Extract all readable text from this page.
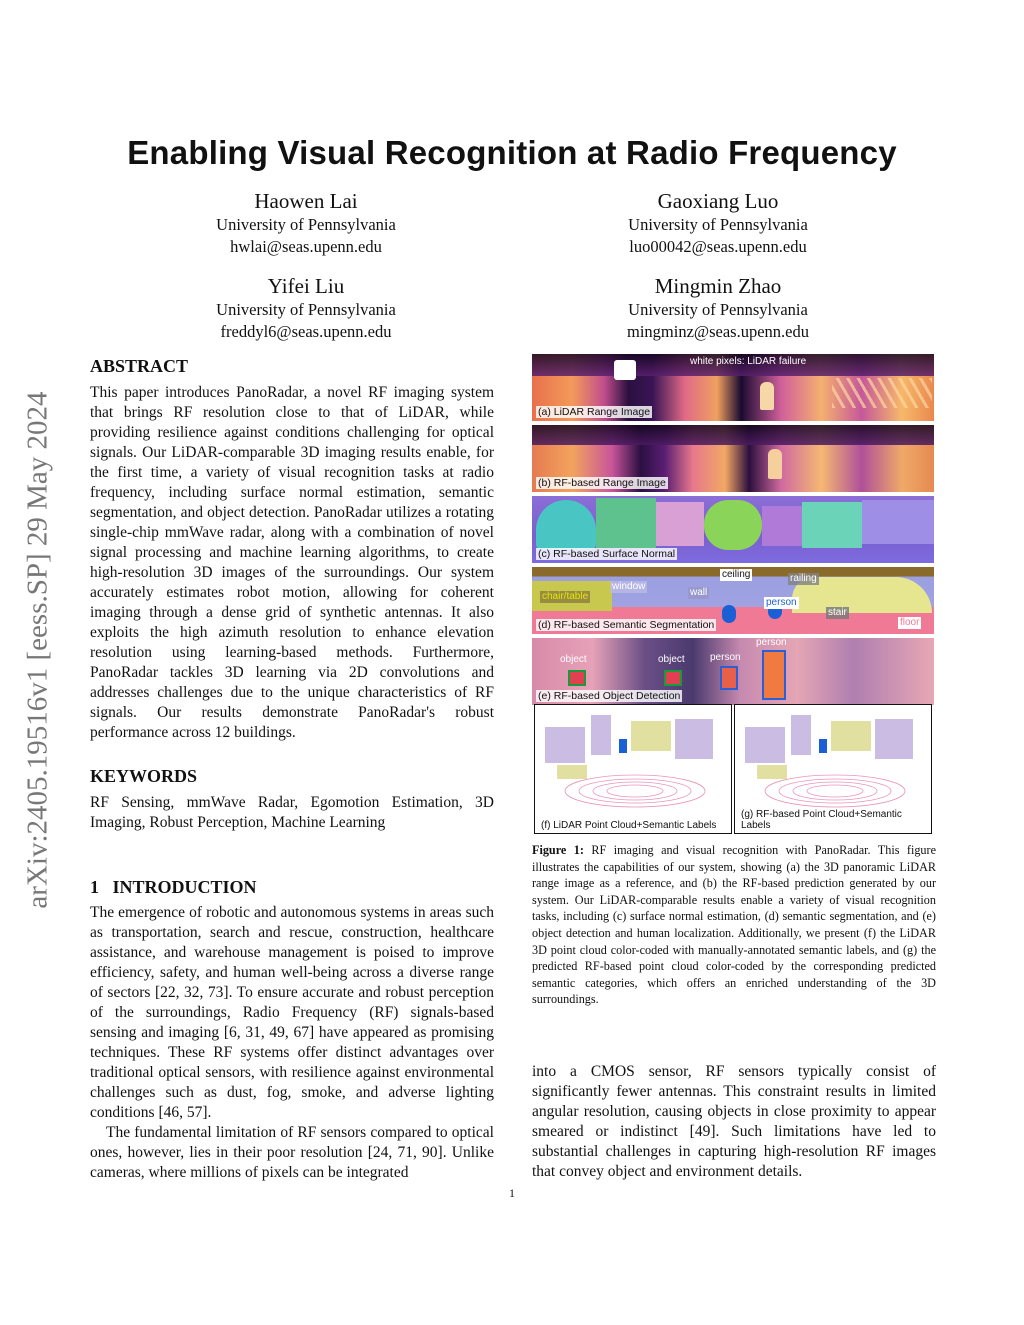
Enabling Visual Recognition at Radio Frequency
Haowen Lai
University of Pennsylvania
hwlai@seas.upenn.edu
Gaoxiang Luo
University of Pennsylvania
luo00042@seas.upenn.edu
Yifei Liu
University of Pennsylvania
freddyl6@seas.upenn.edu
Mingmin Zhao
University of Pennsylvania
mingminz@seas.upenn.edu
arXiv:2405.19516v1 [eess.SP] 29 May 2024
ABSTRACT
This paper introduces PanoRadar, a novel RF imaging system that brings RF resolution close to that of LiDAR, while providing resilience against conditions challenging for optical signals. Our LiDAR-comparable 3D imaging results enable, for the first time, a variety of visual recognition tasks at radio frequency, including surface normal estimation, semantic segmentation, and object detection. PanoRadar utilizes a rotating single-chip mmWave radar, along with a combination of novel signal processing and machine learning algorithms, to create high-resolution 3D images of the surroundings. Our system accurately estimates robot motion, allowing for coherent imaging through a dense grid of synthetic antennas. It also exploits the high azimuth resolution to enhance elevation resolution using learning-based methods. Furthermore, PanoRadar tackles 3D learning via 2D convolutions and addresses challenges due to the unique characteristics of RF signals. Our results demonstrate PanoRadar's robust performance across 12 buildings.
KEYWORDS
RF Sensing, mmWave Radar, Egomotion Estimation, 3D Imaging, Robust Perception, Machine Learning
1   INTRODUCTION
The emergence of robotic and autonomous systems in areas such as transportation, search and rescue, construction, healthcare assistance, and warehouse management is poised to improve efficiency, safety, and human well-being across a diverse range of sectors [22, 32, 73]. To ensure accurate and robust perception of the surroundings, Radio Frequency (RF) signals-based sensing and imaging [6, 31, 49, 67] have appeared as promising techniques. These RF systems offer distinct advantages over traditional optical sensors, with resilience against environmental challenges such as dust, fog, smoke, and adverse lighting conditions [46, 57].
The fundamental limitation of RF sensors compared to optical ones, however, lies in their poor resolution [24, 71, 90]. Unlike cameras, where millions of pixels can be integrated
into a CMOS sensor, RF sensors typically consist of significantly fewer antennas. This constraint results in limited angular resolution, causing objects in close proximity to appear smeared or indistinct [49]. Such limitations have led to substantial challenges in capturing high-resolution RF images that convey object and environment details.
white pixels: LiDAR failure
(a) LiDAR Range Image
(b) RF-based Range Image
(c) RF-based Surface Normal
chair/table
window
wall
ceiling	railing
person
stair
floor
(d) RF-based Semantic Segmentation
object	object	person
person
(e) RF-based Object Detection
(f) LiDAR Point Cloud+Semantic Labels
(g) RF-based Point Cloud+Semantic Labels
Figure 1: RF imaging and visual recognition with PanoRadar. This figure illustrates the capabilities of our system, showing (a) the 3D panoramic LiDAR range image as a reference, and (b) the RF-based prediction generated by our system. Our LiDAR-comparable results enable a variety of visual recognition tasks, including (c) surface normal estimation, (d) semantic segmentation, and (e) object detection and human localization. Additionally, we present (f) the LiDAR 3D point cloud color-coded with manually-annotated semantic labels, and (g) the predicted RF-based point cloud color-coded by the corresponding predicted semantic categories, which offers an enriched understanding of the 3D surroundings.
1
